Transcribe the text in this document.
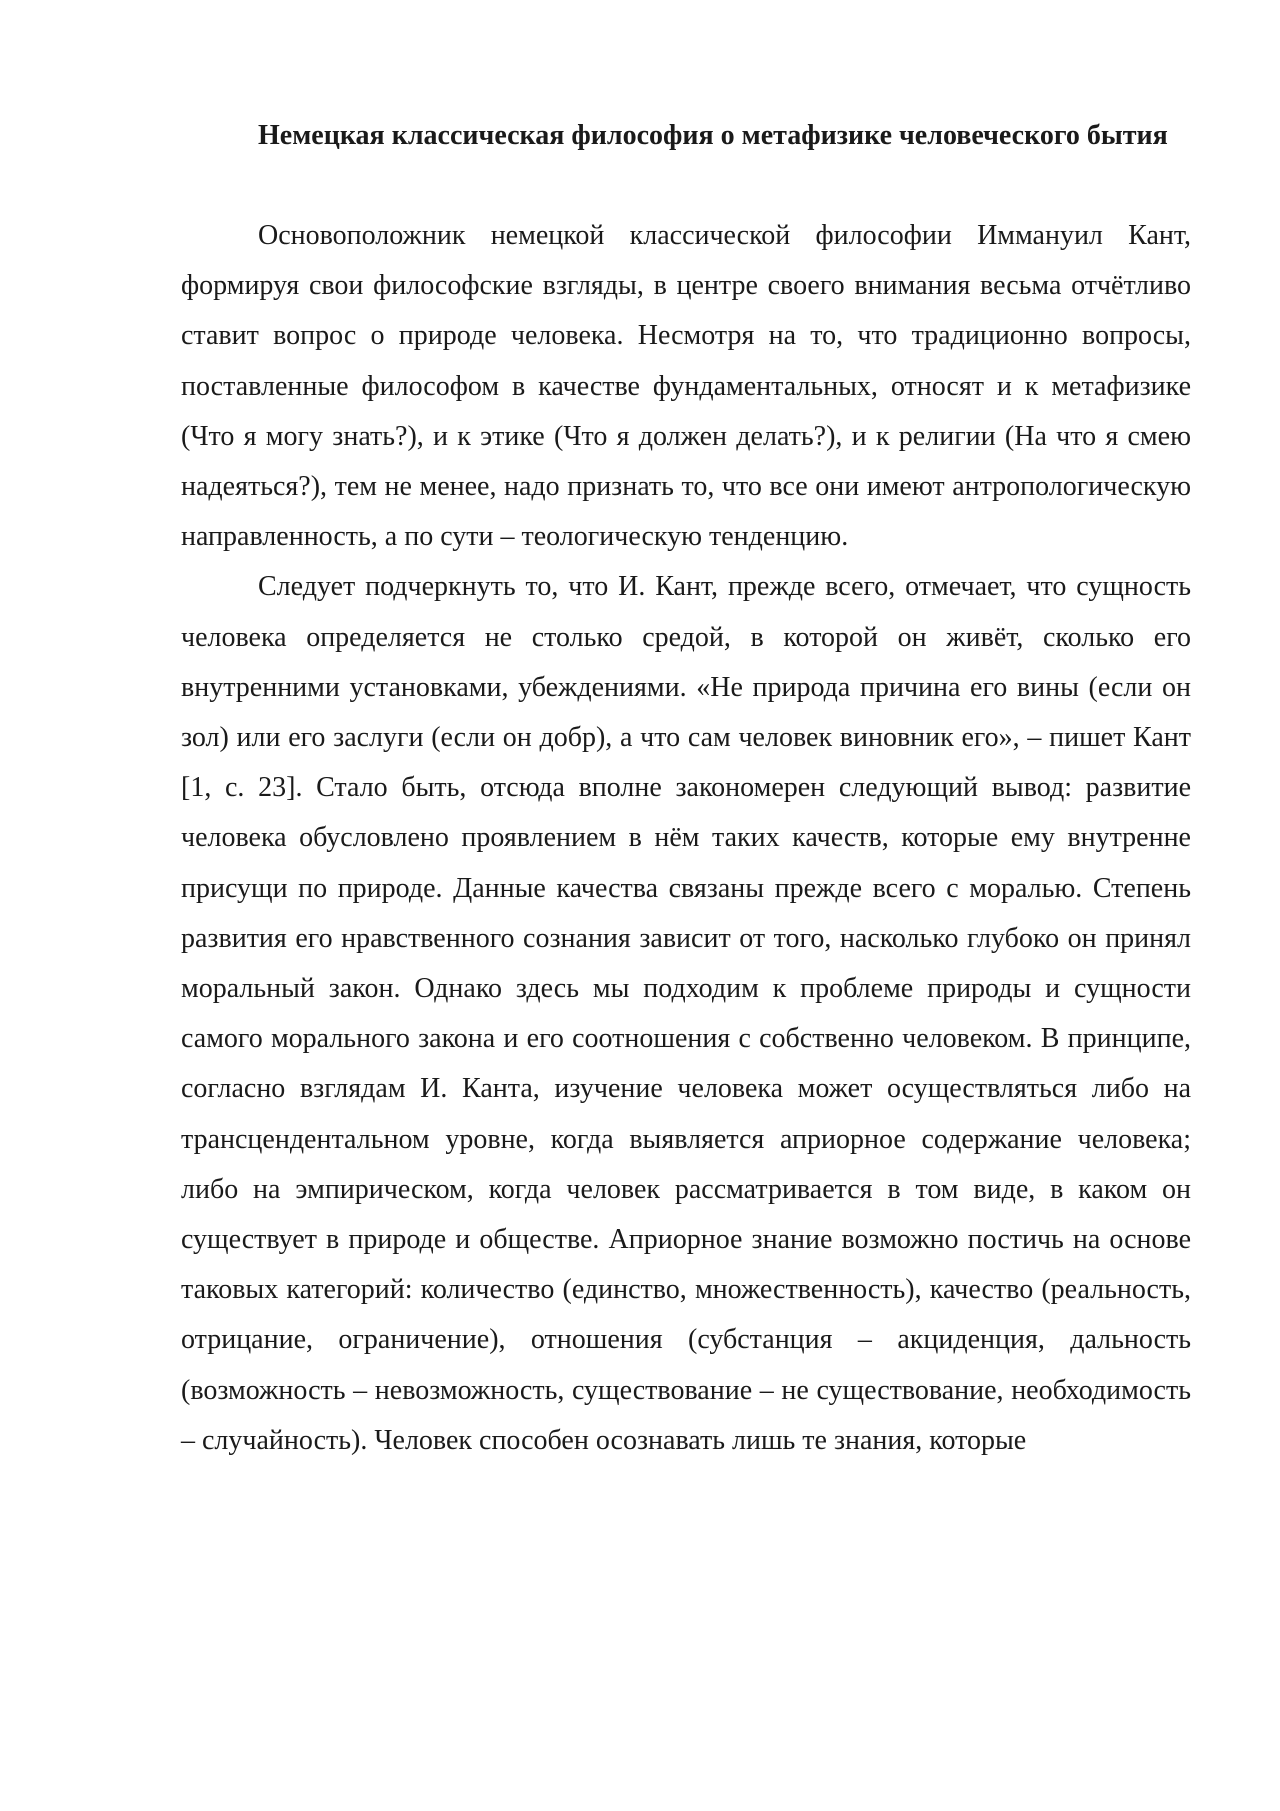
Немецкая классическая философия о метафизике человеческого бытия

Основоположник немецкой классической философии Иммануил Кант, формируя свои философские взгляды, в центре своего внимания весьма отчётливо ставит вопрос о природе человека. Несмотря на то, что традиционно вопросы, поставленные философом в качестве фундаментальных, относят и к метафизике (Что я могу знать?), и к этике (Что я должен делать?), и к религии (На что я смею надеяться?), тем не менее, надо признать то, что все они имеют антропологическую направленность, а по сути – теологическую тенденцию.

Следует подчеркнуть то, что И. Кант, прежде всего, отмечает, что сущность человека определяется не столько средой, в которой он живёт, сколько его внутренними установками, убеждениями. «Не природа причина его вины (если он зол) или его заслуги (если он добр), а что сам человек виновник его», – пишет Кант [1, с. 23]. Стало быть, отсюда вполне закономерен следующий вывод: развитие человека обусловлено проявлением в нём таких качеств, которые ему внутренне присущи по природе. Данные качества связаны прежде всего с моралью. Степень развития его нравственного сознания зависит от того, насколько глубоко он принял моральный закон. Однако здесь мы подходим к проблеме природы и сущности самого морального закона и его соотношения с собственно человеком. В принципе, согласно взглядам И. Канта, изучение человека может осуществляться либо на трансцендентальном уровне, когда выявляется априорное содержание человека; либо на эмпирическом, когда человек рассматривается в том виде, в каком он существует в природе и обществе. Априорное знание возможно постичь на основе таковых категорий: количество (единство, множественность), качество (реальность, отрицание, ограничение), отношения (субстанция – акциденция, дальность (возможность – невозможность, существование – не существование, необходимость – случайность). Человек способен осознавать лишь те знания, которые
